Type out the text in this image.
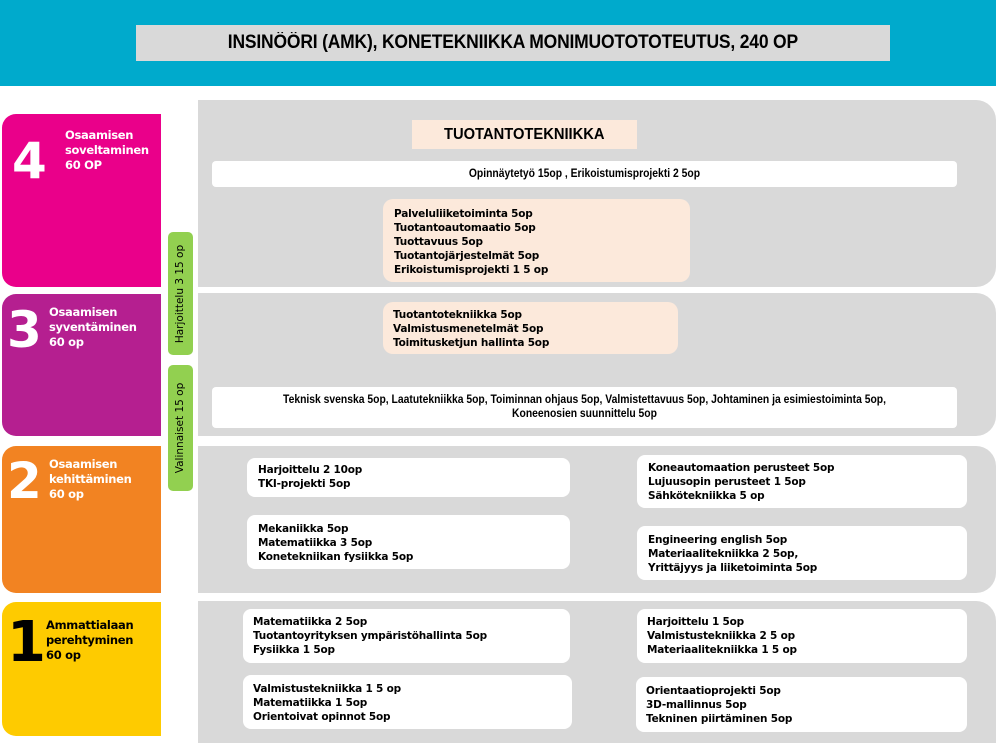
INSINÖÖRI (AMK), KONETEKNIIKKA MONIMUOTOTOTEUTUS, 240 OP
4 Osaamisen
soveltaminen
60 OP
3 Osaamisen
syventäminen
60 op
2 Osaamisen
kehittäminen
60 op
1 Ammattialaan
perehtyminen
60 op
Harjoittelu 3 15 op
Valinnaiset 15 op
TUOTANTOTEKNIIKKA
Opinnäytetyö 15op , Erikoistumisprojekti 2 5op
Palveluliiketoiminta 5op
Tuotantoautomaatio 5op
Tuottavuus 5op
Tuotantojärjestelmät 5op
Erikoistumisprojekti 1 5 op
Tuotantotekniikka 5op
Valmistusmenetelmät 5op
Toimitusketjun hallinta 5op
Teknisk svenska 5op, Laatutekniikka 5op, Toiminnan ohjaus 5op, Valmistettavuus 5op, Johtaminen ja esimiestoiminta 5op,
Koneenosien suunnittelu 5op
Harjoittelu 2 10op
TKI-projekti 5op
Mekaniikka 5op
Matematiikka 3 5op
Konetekniikan fysiikka 5op
Koneautomaation perusteet 5op
Lujuusopin perusteet 1 5op
Sähkötekniikka 5 op
Engineering english 5op
Materiaalitekniikka 2 5op,
Yrittäjyys ja liiketoiminta 5op
Matematiikka 2 5op
Tuotantoyrityksen ympäristöhallinta 5op
Fysiikka 1 5op
Valmistustekniikka 1 5 op
Matematiikka 1 5op
Orientoivat opinnot 5op
Harjoittelu 1 5op
Valmistustekniikka 2 5 op
Materiaalitekniikka 1 5 op
Orientaatioprojekti 5op
3D-mallinnus 5op
Tekninen piirtäminen 5op
